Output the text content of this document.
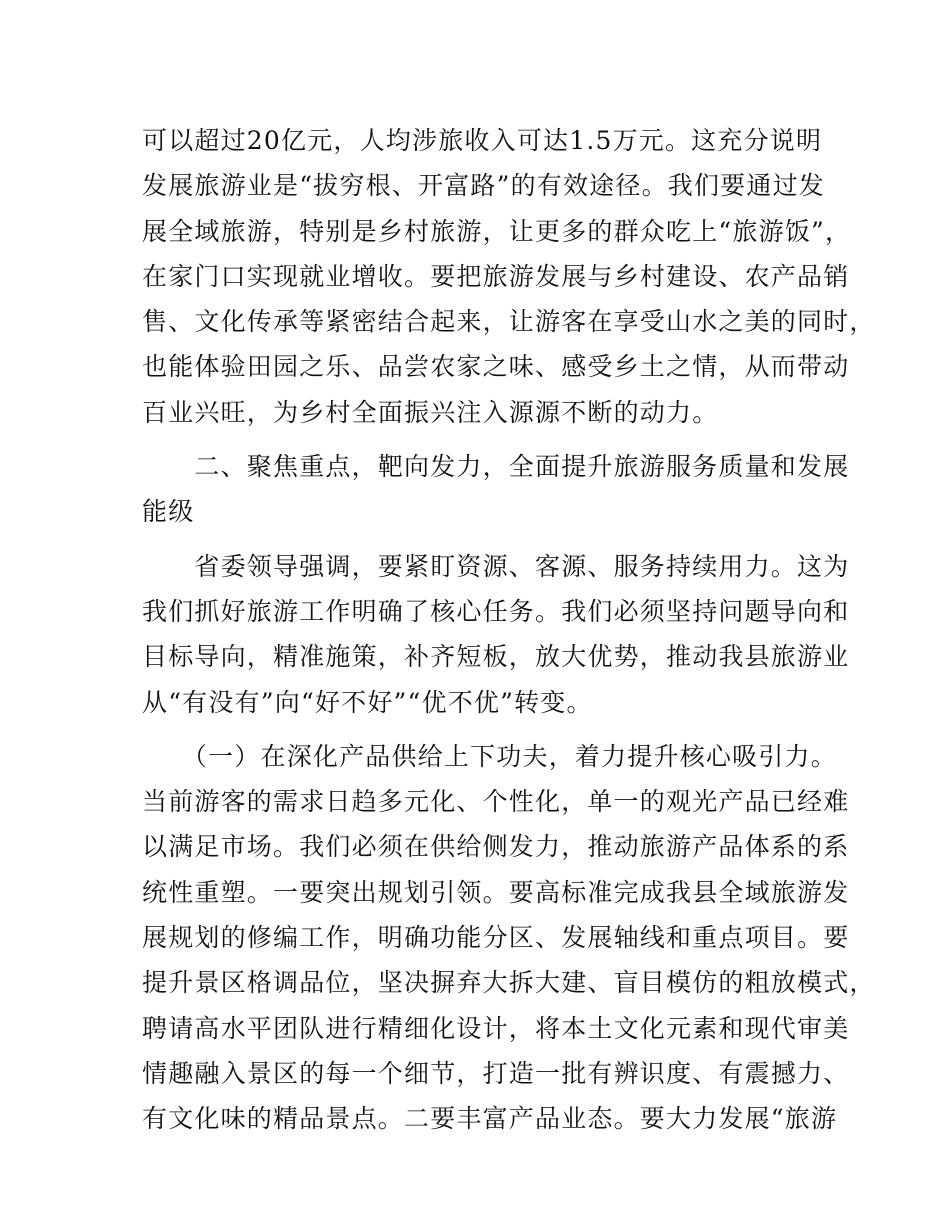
可以超过20亿元，人均涉旅收入可达1.5万元。这充分说明
发展旅游业是“拔穷根、开富路”的有效途径。我们要通过发
展全域旅游，特别是乡村旅游，让更多的群众吃上“旅游饭”，
在家门口实现就业增收。要把旅游发展与乡村建设、农产品销
售、文化传承等紧密结合起来，让游客在享受山水之美的同时，
也能体验田园之乐、品尝农家之味、感受乡土之情，从而带动
百业兴旺，为乡村全面振兴注入源源不断的动力。
　　二、聚焦重点，靶向发力，全面提升旅游服务质量和发展
能级
　　省委领导强调，要紧盯资源、客源、服务持续用力。这为
我们抓好旅游工作明确了核心任务。我们必须坚持问题导向和
目标导向，精准施策，补齐短板，放大优势，推动我县旅游业
从“有没有”向“好不好”“优不优”转变。
　　（一）在深化产品供给上下功夫，着力提升核心吸引力。
当前游客的需求日趋多元化、个性化，单一的观光产品已经难
以满足市场。我们必须在供给侧发力，推动旅游产品体系的系
统性重塑。一要突出规划引领。要高标准完成我县全域旅游发
展规划的修编工作，明确功能分区、发展轴线和重点项目。要
提升景区格调品位，坚决摒弃大拆大建、盲目模仿的粗放模式，
聘请高水平团队进行精细化设计，将本土文化元素和现代审美
情趣融入景区的每一个细节，打造一批有辨识度、有震撼力、
有文化味的精品景点。二要丰富产品业态。要大力发展“旅游
